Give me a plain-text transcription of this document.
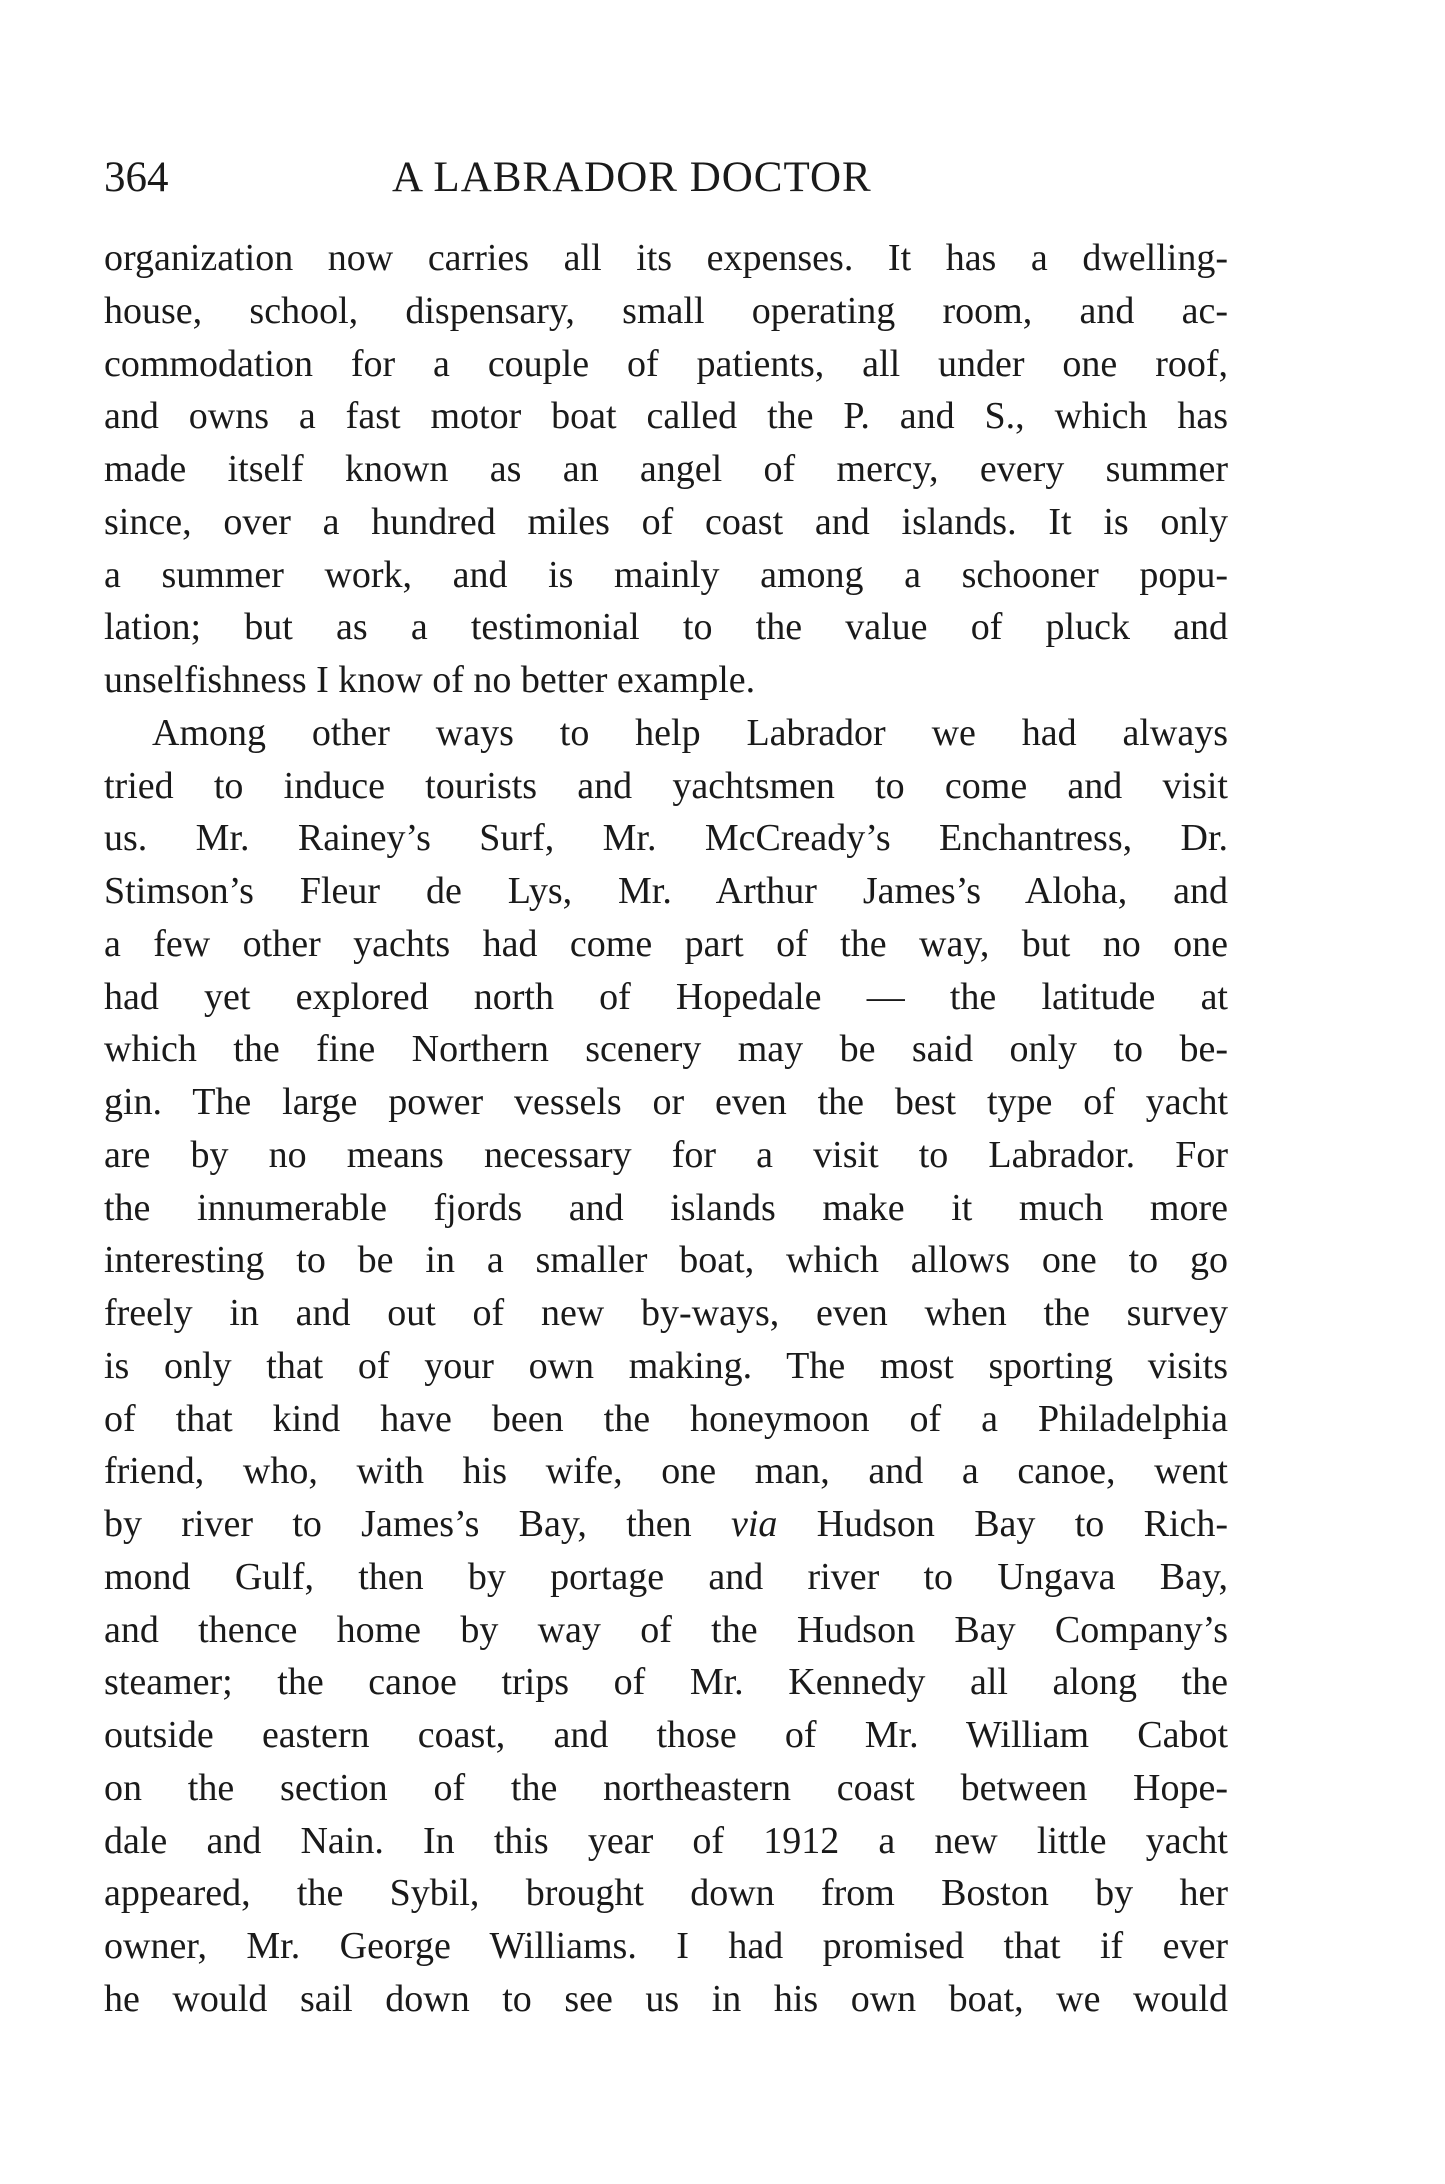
364	A LABRADOR DOCTOR
organization now carries all its expenses. It has a dwelling-
house, school, dispensary, small operating room, and ac-
commodation for a couple of patients, all under one roof,
and owns a fast motor boat called the P. and S., which has
made itself known as an angel of mercy, every summer
since, over a hundred miles of coast and islands. It is only
a summer work, and is mainly among a schooner popu-
lation; but as a testimonial to the value of pluck and
unselfishness I know of no better example.
Among other ways to help Labrador we had always
tried to induce tourists and yachtsmen to come and visit
us. Mr. Rainey’s Surf, Mr. McCready’s Enchantress, Dr.
Stimson’s Fleur de Lys, Mr. Arthur James’s Aloha, and
a few other yachts had come part of the way, but no one
had yet explored north of Hopedale — the latitude at
which the fine Northern scenery may be said only to be-
gin. The large power vessels or even the best type of yacht
are by no means necessary for a visit to Labrador. For
the innumerable fjords and islands make it much more
interesting to be in a smaller boat, which allows one to go
freely in and out of new by-ways, even when the survey
is only that of your own making. The most sporting visits
of that kind have been the honeymoon of a Philadelphia
friend, who, with his wife, one man, and a canoe, went
by river to James’s Bay, then via Hudson Bay to Rich-
mond Gulf, then by portage and river to Ungava Bay,
and thence home by way of the Hudson Bay Company’s
steamer; the canoe trips of Mr. Kennedy all along the
outside eastern coast, and those of Mr. William Cabot
on the section of the northeastern coast between Hope-
dale and Nain. In this year of 1912 a new little yacht
appeared, the Sybil, brought down from Boston by her
owner, Mr. George Williams. I had promised that if ever
he would sail down to see us in his own boat, we would
